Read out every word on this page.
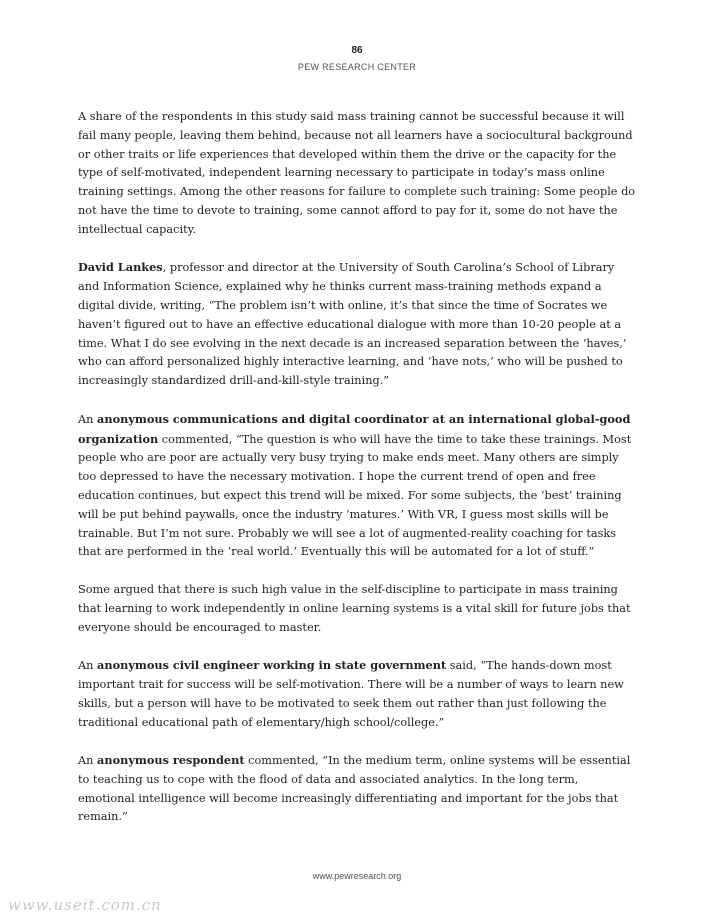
86
PEW RESEARCH CENTER

A share of the respondents in this study said mass training cannot be successful because it will fail many people, leaving them behind, because not all learners have a sociocultural background or other traits or life experiences that developed within them the drive or the capacity for the type of self-motivated, independent learning necessary to participate in today’s mass online training settings. Among the other reasons for failure to complete such training: Some people do not have the time to devote to training, some cannot afford to pay for it, some do not have the intellectual capacity.

David Lankes, professor and director at the University of South Carolina’s School of Library and Information Science, explained why he thinks current mass-training methods expand a digital divide, writing, “The problem isn’t with online, it’s that since the time of Socrates we haven’t figured out to have an effective educational dialogue with more than 10-20 people at a time. What I do see evolving in the next decade is an increased separation between the ‘haves,’ who can afford personalized highly interactive learning, and ‘have nots,’ who will be pushed to increasingly standardized drill-and-kill-style training.”

An anonymous communications and digital coordinator at an international global-good organization commented, “The question is who will have the time to take these trainings. Most people who are poor are actually very busy trying to make ends meet. Many others are simply too depressed to have the necessary motivation. I hope the current trend of open and free education continues, but expect this trend will be mixed. For some subjects, the ‘best’ training will be put behind paywalls, once the industry ‘matures.’ With VR, I guess most skills will be trainable. But I’m not sure. Probably we will see a lot of augmented-reality coaching for tasks that are performed in the ‘real world.’ Eventually this will be automated for a lot of stuff.”

Some argued that there is such high value in the self-discipline to participate in mass training that learning to work independently in online learning systems is a vital skill for future jobs that everyone should be encouraged to master.

An anonymous civil engineer working in state government said, “The hands-down most important trait for success will be self-motivation. There will be a number of ways to learn new skills, but a person will have to be motivated to seek them out rather than just following the traditional educational path of elementary/high school/college.”

An anonymous respondent commented, “In the medium term, online systems will be essential to teaching us to cope with the flood of data and associated analytics. In the long term, emotional intelligence will become increasingly differentiating and important for the jobs that remain.”

www.pewresearch.org
www.useit.com.cn
